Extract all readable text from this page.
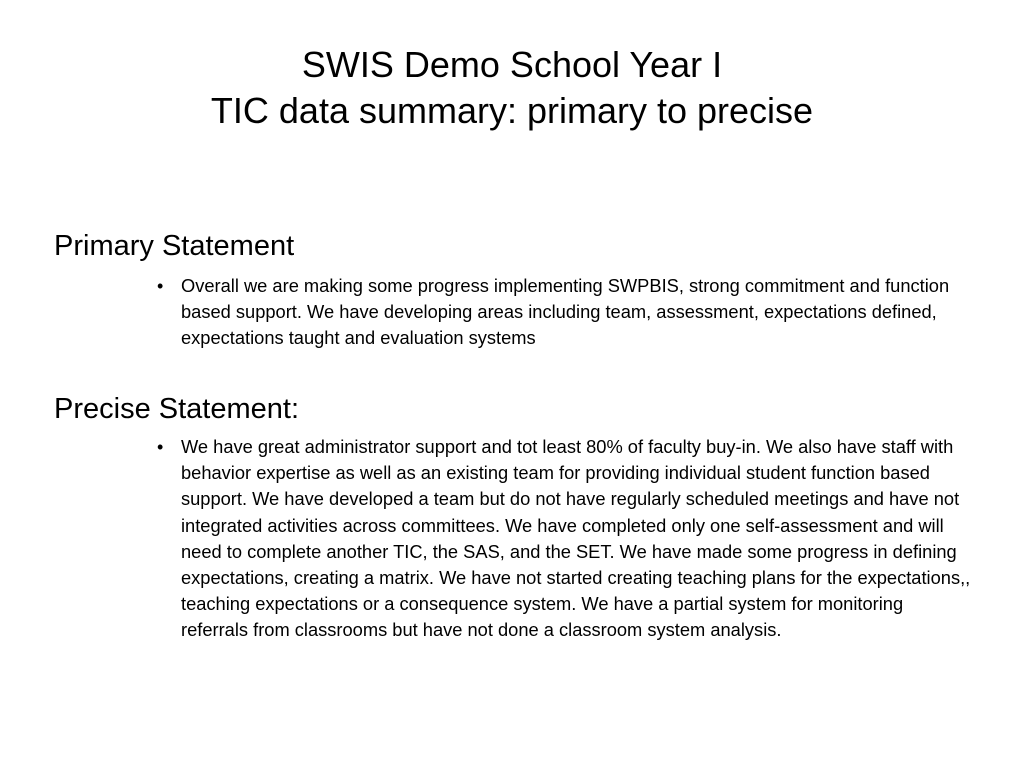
SWIS Demo School Year I
TIC data summary: primary to precise
Primary Statement
• Overall we are making some progress implementing SWPBIS, strong commitment and function based support. We have developing areas including team, assessment, expectations defined, expectations taught and evaluation systems
Precise Statement:
• We have great administrator support and tot least 80% of faculty buy-in. We also have staff with behavior expertise as well as an existing team for providing individual student function based support. We have developed a team but do not have regularly scheduled meetings and have not integrated activities across committees. We have completed only one self-assessment and will need to complete another TIC, the SAS, and the SET. We have made some progress in defining expectations, creating a matrix. We have not started creating teaching plans for the expectations,, teaching expectations or a consequence system. We have a partial system for monitoring referrals from classrooms but have not done a classroom system analysis.
